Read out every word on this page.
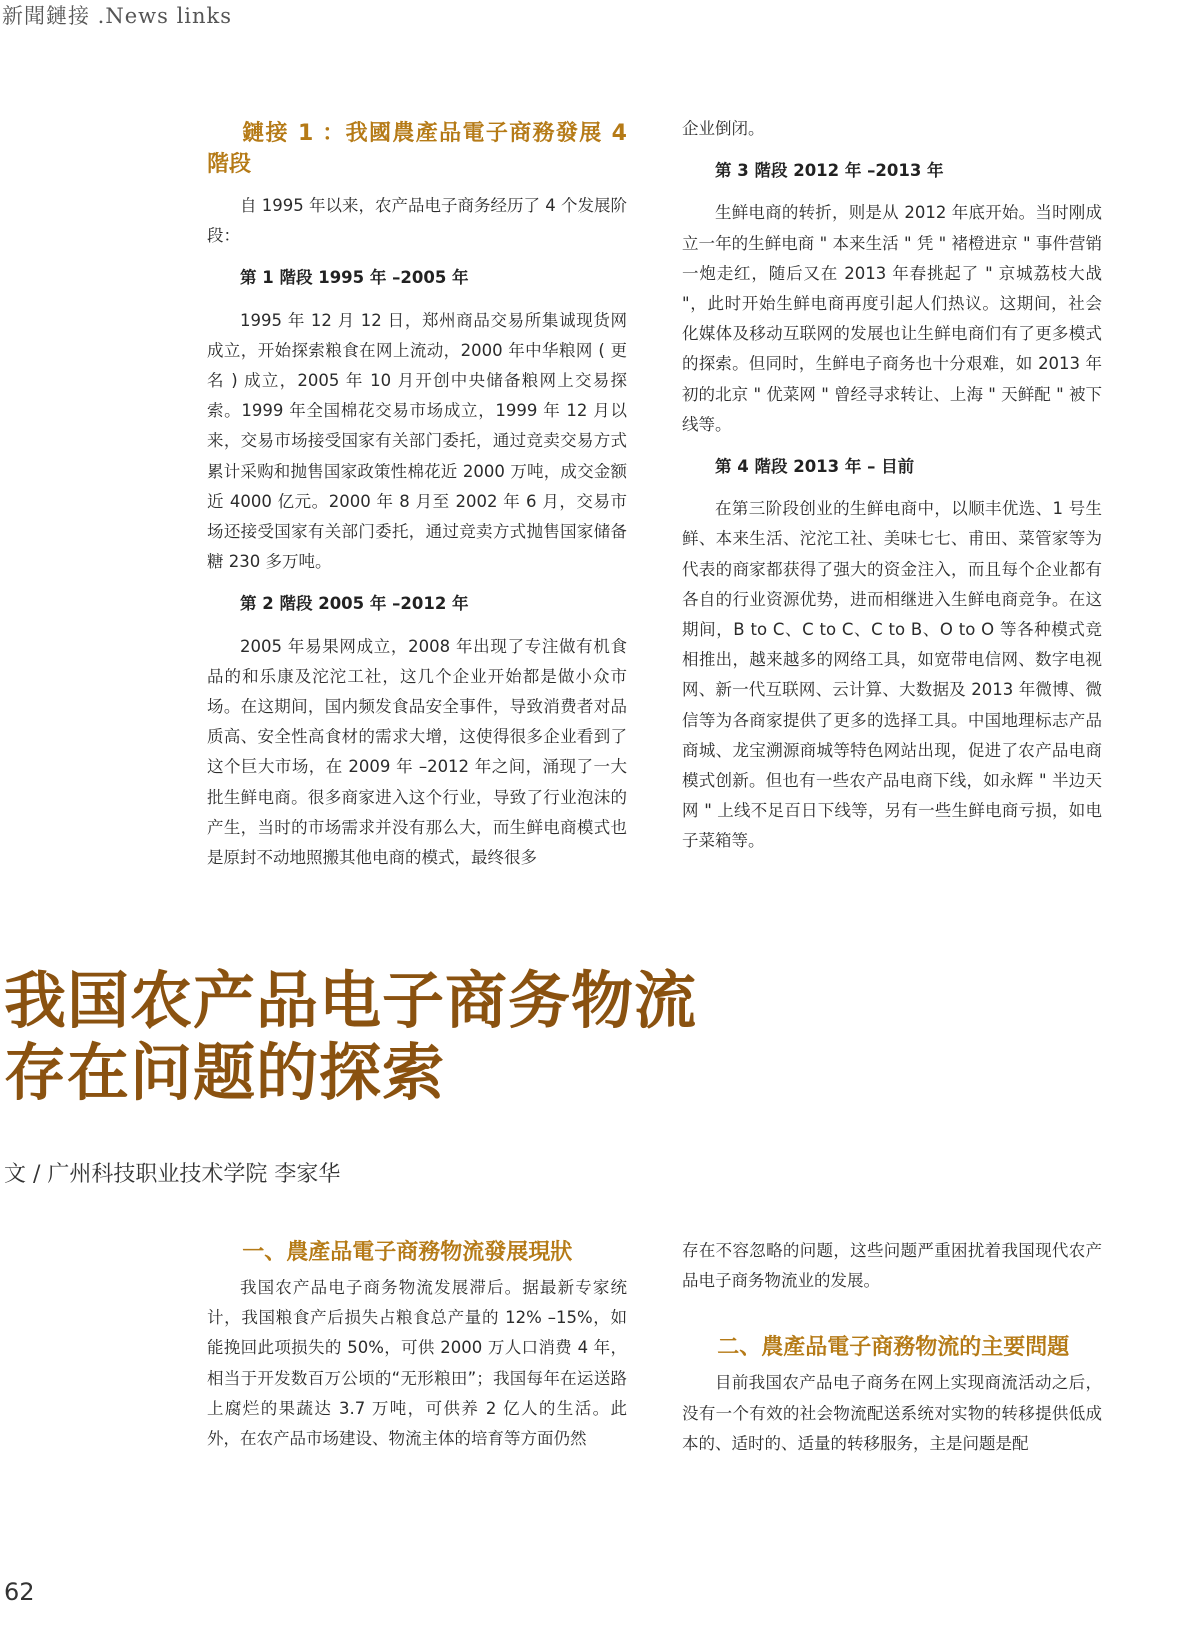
新聞鏈接 .News links
鏈接 1 ：我國農產品電子商務發展 4 階段

自 1995 年以来，农产品电子商务经历了 4 个发展阶段：

第 1 階段 1995 年 –2005 年

1995 年 12 月 12 日，郑州商品交易所集诚现货网成立，开始探索粮食在网上流动，2000 年中华粮网 ( 更名 ) 成立，2005 年 10 月开创中央储备粮网上交易探索。1999 年全国棉花交易市场成立，1999 年 12 月以来，交易市场接受国家有关部门委托，通过竞卖交易方式累计采购和抛售国家政策性棉花近 2000 万吨，成交金额近 4000 亿元。2000 年 8 月至 2002 年 6 月，交易市场还接受国家有关部门委托，通过竞卖方式抛售国家储备糖 230 多万吨。

第 2 階段 2005 年 –2012 年

2005 年易果网成立，2008 年出现了专注做有机食品的和乐康及沱沱工社，这几个企业开始都是做小众市场。在这期间，国内频发食品安全事件，导致消费者对品质高、安全性高食材的需求大增，这使得很多企业看到了这个巨大市场，在 2009 年 –2012 年之间，涌现了一大批生鲜电商。很多商家进入这个行业，导致了行业泡沫的产生，当时的市场需求并没有那么大，而生鲜电商模式也是原封不动地照搬其他电商的模式，最终很多

企业倒闭。

第 3 階段 2012 年 –2013 年

生鲜电商的转折，则是从 2012 年底开始。当时刚成立一年的生鲜电商 " 本来生活 " 凭 " 褚橙进京 " 事件营销一炮走红，随后又在 2013 年春挑起了 " 京城荔枝大战 "，此时开始生鲜电商再度引起人们热议。这期间，社会化媒体及移动互联网的发展也让生鲜电商们有了更多模式的探索。但同时，生鲜电子商务也十分艰难，如 2013 年初的北京 " 优菜网 " 曾经寻求转让、上海 " 天鲜配 " 被下线等。

第 4 階段 2013 年 – 目前

在第三阶段创业的生鲜电商中，以顺丰优选、1 号生鲜、本来生活、沱沱工社、美味七七、甫田、菜管家等为代表的商家都获得了强大的资金注入，而且每个企业都有各自的行业资源优势，进而相继进入生鲜电商竞争。在这期间，B to C、C to C、C to B、O to O 等各种模式竞相推出，越来越多的网络工具，如宽带电信网、数字电视网、新一代互联网、云计算、大数据及 2013 年微博、微信等为各商家提供了更多的选择工具。中国地理标志产品商城、龙宝溯源商城等特色网站出现，促进了农产品电商模式创新。但也有一些农产品电商下线，如永辉 " 半边天网 " 上线不足百日下线等，另有一些生鲜电商亏损，如电子菜箱等。

我国农产品电子商务物流
存在问题的探索
文 / 广州科技职业技术学院 李家华
一、農產品電子商務物流發展現狀

我国农产品电子商务物流发展滞后。据最新专家统计，我国粮食产后损失占粮食总产量的 12% –15%，如能挽回此项损失的 50%，可供 2000 万人口消费 4 年，相当于开发数百万公顷的“无形粮田”；我国每年在运送路上腐烂的果蔬达 3.7 万吨，可供养 2 亿人的生活。此外，在农产品市场建设、物流主体的培育等方面仍然

存在不容忽略的问题，这些问题严重困扰着我国现代农产品电子商务物流业的发展。

二、農產品電子商務物流的主要問題

目前我国农产品电子商务在网上实现商流活动之后，没有一个有效的社会物流配送系统对实物的转移提供低成本的、适时的、适量的转移服务，主是问题是配

62
